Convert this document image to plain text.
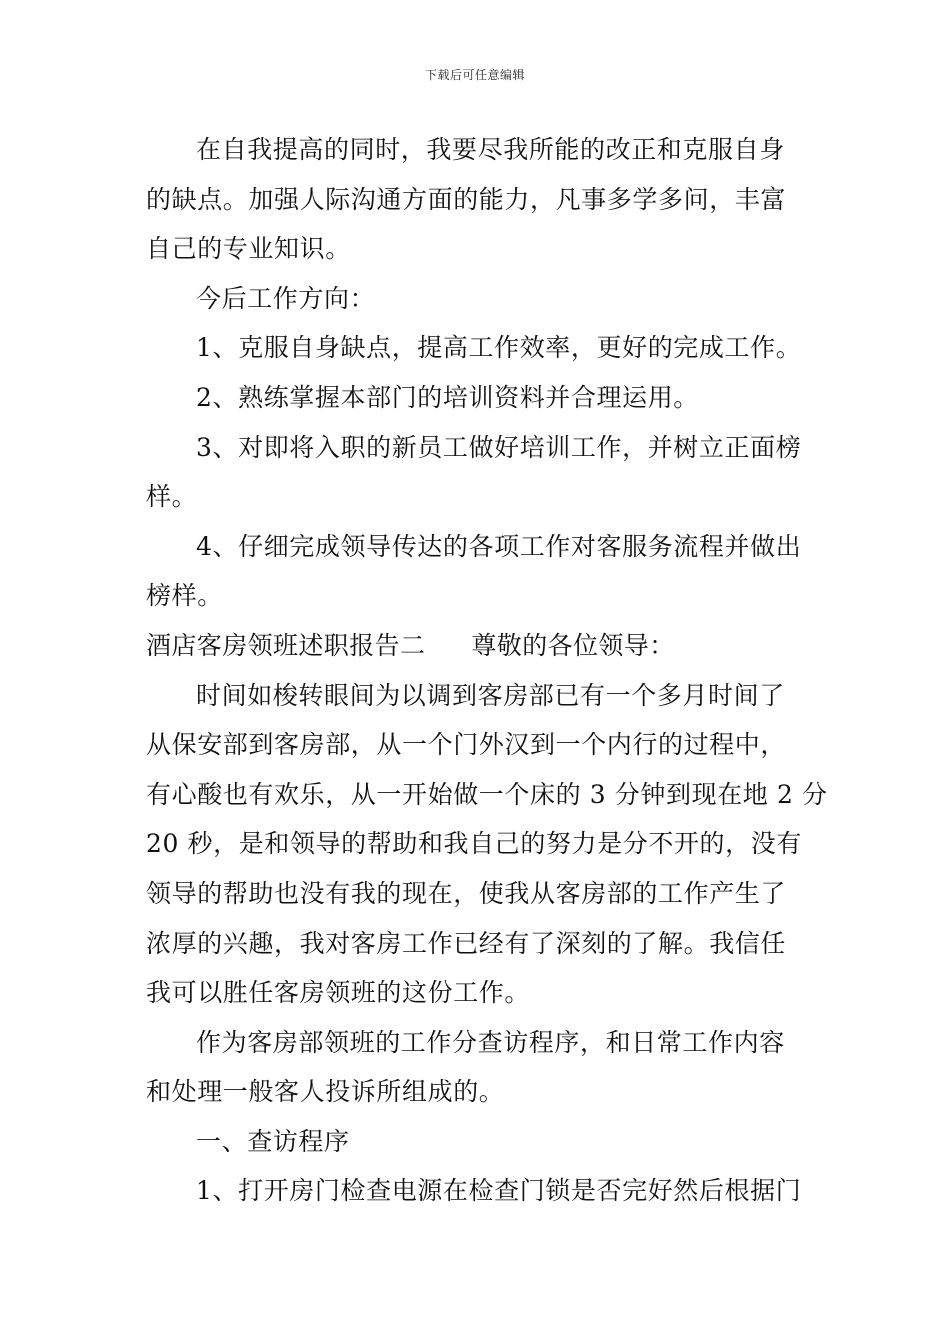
下载后可任意编辑
在自我提高的同时，我要尽我所能的改正和克服自身
的缺点。加强人际沟通方面的能力，凡事多学多问，丰富
自己的专业知识。
今后工作方向：
1、克服自身缺点，提高工作效率，更好的完成工作。
2、熟练掌握本部门的培训资料并合理运用。
3、对即将入职的新员工做好培训工作，并树立正面榜
样。
4、仔细完成领导传达的各项工作对客服务流程并做出
榜样。
酒店客房领班述职报告二 尊敬的各位领导：
时间如梭转眼间为以调到客房部已有一个多月时间了
从保安部到客房部，从一个门外汉到一个内行的过程中，
有心酸也有欢乐，从一开始做一个床的 3 分钟到现在地 2 分
20 秒，是和领导的帮助和我自己的努力是分不开的，没有
领导的帮助也没有我的现在，使我从客房部的工作产生了
浓厚的兴趣，我对客房工作已经有了深刻的了解。我信任
我可以胜任客房领班的这份工作。
作为客房部领班的工作分查访程序，和日常工作内容
和处理一般客人投诉所组成的。
一、查访程序
1、打开房门检查电源在检查门锁是否完好然后根据门
